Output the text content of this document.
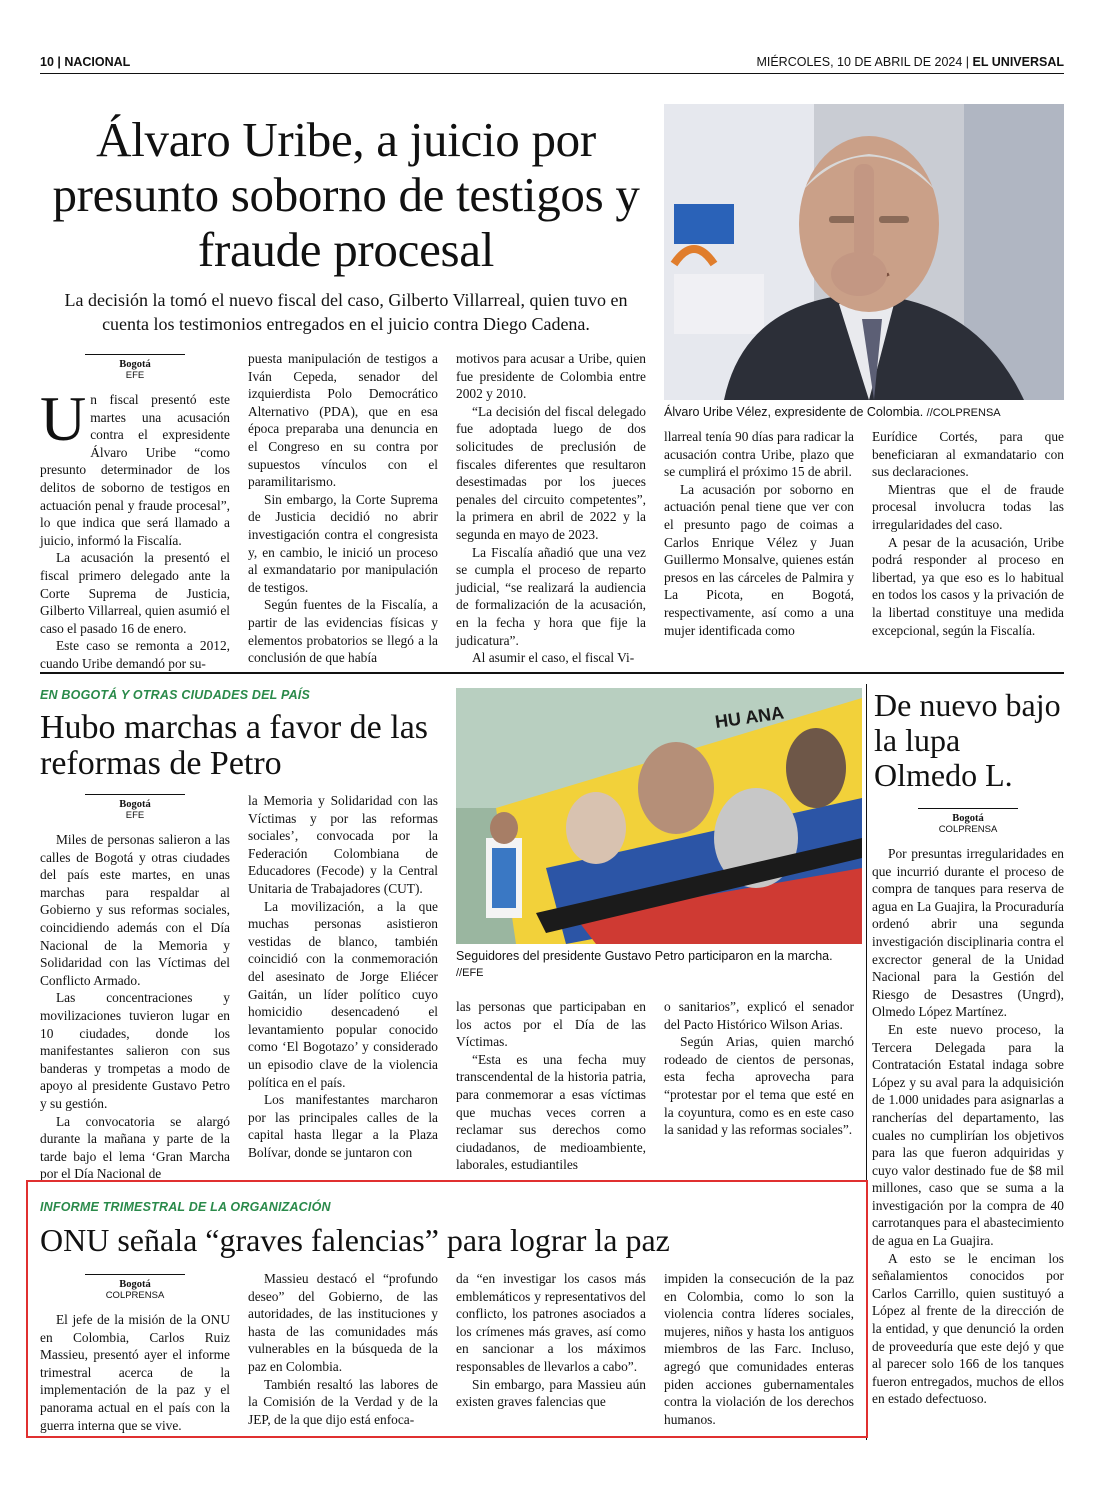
10 | NACIONAL	MIÉRCOLES, 10 DE ABRIL DE 2024 | EL UNIVERSAL
Álvaro Uribe, a juicio por presunto soborno de testigos y fraude procesal
La decisión la tomó el nuevo fiscal del caso, Gilberto Villarreal, quien tuvo en cuenta los testimonios entregados en el juicio contra Diego Cadena.
Álvaro Uribe Vélez, expresidente de Colombia. //COLPRENSA
Bogotá
EFE

Un fiscal presentó este martes una acusación contra el expresidente Álvaro Uribe “como presunto determinador de los delitos de soborno de testigos en actuación penal y fraude procesal”, lo que indica que será llamado a juicio, informó la Fiscalía.

La acusación la presentó el fiscal primero delegado ante la Corte Suprema de Justicia, Gilberto Villarreal, quien asumió el caso el pasado 16 de enero.

Este caso se remonta a 2012, cuando Uribe demandó por su-

puesta manipulación de testigos a Iván Cepeda, senador del izquierdista Polo Democrático Alternativo (PDA), que en esa época preparaba una denuncia en el Congreso en su contra por supuestos vínculos con el paramilitarismo.

Sin embargo, la Corte Suprema de Justicia decidió no abrir investigación contra el congresista y, en cambio, le inició un proceso al exmandatario por manipulación de testigos.

Según fuentes de la Fiscalía, a partir de las evidencias físicas y elementos probatorios se llegó a la conclusión de que había

motivos para acusar a Uribe, quien fue presidente de Colombia entre 2002 y 2010.

“La decisión del fiscal delegado fue adoptada luego de dos solicitudes de preclusión de fiscales diferentes que resultaron desestimadas por los jueces penales del circuito competentes”, la primera en abril de 2022 y la segunda en mayo de 2023.

La Fiscalía añadió que una vez se cumpla el proceso de reparto judicial, “se realizará la audiencia de formalización de la acusación, en la fecha y hora que fije la judicatura”.

Al asumir el caso, el fiscal Vi-

llarreal tenía 90 días para radicar la acusación contra Uribe, plazo que se cumplirá el próximo 15 de abril.

La acusación por soborno en actuación penal tiene que ver con el presunto pago de coimas a Carlos Enrique Vélez y Juan Guillermo Monsalve, quienes están presos en las cárceles de Palmira y La Picota, en Bogotá, respectivamente, así como a una mujer identificada como

Eurídice Cortés, para que beneficiaran al exmandatario con sus declaraciones.

Mientras que el de fraude procesal involucra todas las irregularidades del caso.

A pesar de la acusación, Uribe podrá responder al proceso en libertad, ya que eso es lo habitual en todos los casos y la privación de la libertad constituye una medida excepcional, según la Fiscalía.

EN BOGOTÁ Y OTRAS CIUDADES DEL PAÍS
Hubo marchas a favor de las reformas de Petro
HU ANA
Seguidores del presidente Gustavo Petro participaron en la marcha.
//EFE
Bogotá
EFE

Miles de personas salieron a las calles de Bogotá y otras ciudades del país este martes, en unas marchas para respaldar al Gobierno y sus reformas sociales, coincidiendo además con el Día Nacional de la Memoria y Solidaridad con las Víctimas del Conflicto Armado.

Las concentraciones y movilizaciones tuvieron lugar en 10 ciudades, donde los manifestantes salieron con sus banderas y trompetas a modo de apoyo al presidente Gustavo Petro y su gestión.

La convocatoria se alargó durante la mañana y parte de la tarde bajo el lema ‘Gran Marcha por el Día Nacional de

la Memoria y Solidaridad con las Víctimas y por las reformas sociales’, convocada por la Federación Colombiana de Educadores (Fecode) y la Central Unitaria de Trabajadores (CUT).

La movilización, a la que muchas personas asistieron vestidas de blanco, también coincidió con la conmemoración del asesinato de Jorge Eliécer Gaitán, un líder político cuyo homicidio desencadenó el levantamiento popular conocido como ‘El Bogotazo’ y considerado un episodio clave de la violencia política en el país.

Los manifestantes marcharon por las principales calles de la capital hasta llegar a la Plaza Bolívar, donde se juntaron con

las personas que participaban en los actos por el Día de las Víctimas.

“Esta es una fecha muy transcendental de la historia patria, para conmemorar a esas víctimas que muchas veces corren a reclamar sus derechos como ciudadanos, de medioambiente, laborales, estudiantiles

o sanitarios”, explicó el senador del Pacto Histórico Wilson Arias.

Según Arias, quien marchó rodeado de cientos de personas, esta fecha aprovecha para “protestar por el tema que esté en la coyuntura, como es en este caso la sanidad y las reformas sociales”.

De nuevo bajo la lupa Olmedo L.
Bogotá
COLPRENSA

Por presuntas irregularidades en que incurrió durante el proceso de compra de tanques para reserva de agua en La Guajira, la Procuraduría ordenó abrir una segunda investigación disciplinaria contra el excrector general de la Unidad Nacional para la Gestión del Riesgo de Desastres (Ungrd), Olmedo López Martínez.

En este nuevo proceso, la Tercera Delegada para la Contratación Estatal indaga sobre López y su aval para la adquisición de 1.000 unidades para asignarlas a rancherías del departamento, las cuales no cumplirían los objetivos para las que fueron adquiridas y cuyo valor destinado fue de $8 mil millones, caso que se suma a la investigación por la compra de 40 carrotanques para el abastecimiento de agua en La Guajira.

A esto se le enciman los señalamientos conocidos por Carlos Carrillo, quien sustituyó a López al frente de la dirección de la entidad, y que denunció la orden de proveeduría que este dejó y que al parecer solo 166 de los tanques fueron entregados, muchos de ellos en estado defectuoso.

INFORME TRIMESTRAL DE LA ORGANIZACIÓN
ONU señala “graves falencias” para lograr la paz
Bogotá
COLPRENSA

El jefe de la misión de la ONU en Colombia, Carlos Ruiz Massieu, presentó ayer el informe trimestral acerca de la implementación de la paz y el panorama actual en el país con la guerra interna que se vive.

Massieu destacó el “profundo deseo” del Gobierno, de las autoridades, de las instituciones y hasta de las comunidades más vulnerables en la búsqueda de la paz en Colombia.

También resaltó las labores de la Comisión de la Verdad y de la JEP, de la que dijo está enfoca-

da “en investigar los casos más emblemáticos y representativos del conflicto, los patrones asociados a los crímenes más graves, así como en sancionar a los máximos responsables de llevarlos a cabo”.

Sin embargo, para Massieu aún existen graves falencias que

impiden la consecución de la paz en Colombia, como lo son la violencia contra líderes sociales, mujeres, niños y hasta los antiguos miembros de las Farc. Incluso, agregó que comunidades enteras piden acciones gubernamentales contra la violación de los derechos humanos.
